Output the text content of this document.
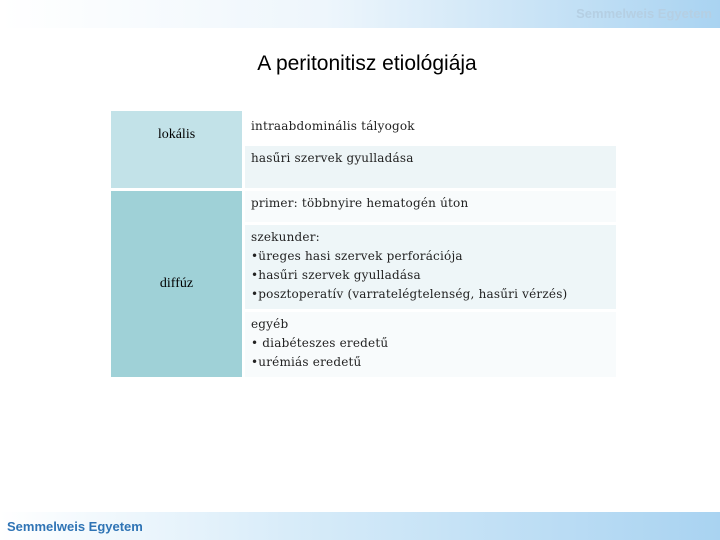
Semmelweis Egyetem
A peritonitisz etiológiája
lokális
diffúz
intraabdominális tályogok
hasűri szervek gyulladása
primer: többnyire hematogén úton
szekunder:
•üreges hasi szervek perforációja
•hasűri szervek gyulladása
•posztoperatív (varratelégtelenség, hasűri vérzés)
egyéb
• diabéteszes eredetű
•urémiás eredetű
Semmelweis Egyetem
